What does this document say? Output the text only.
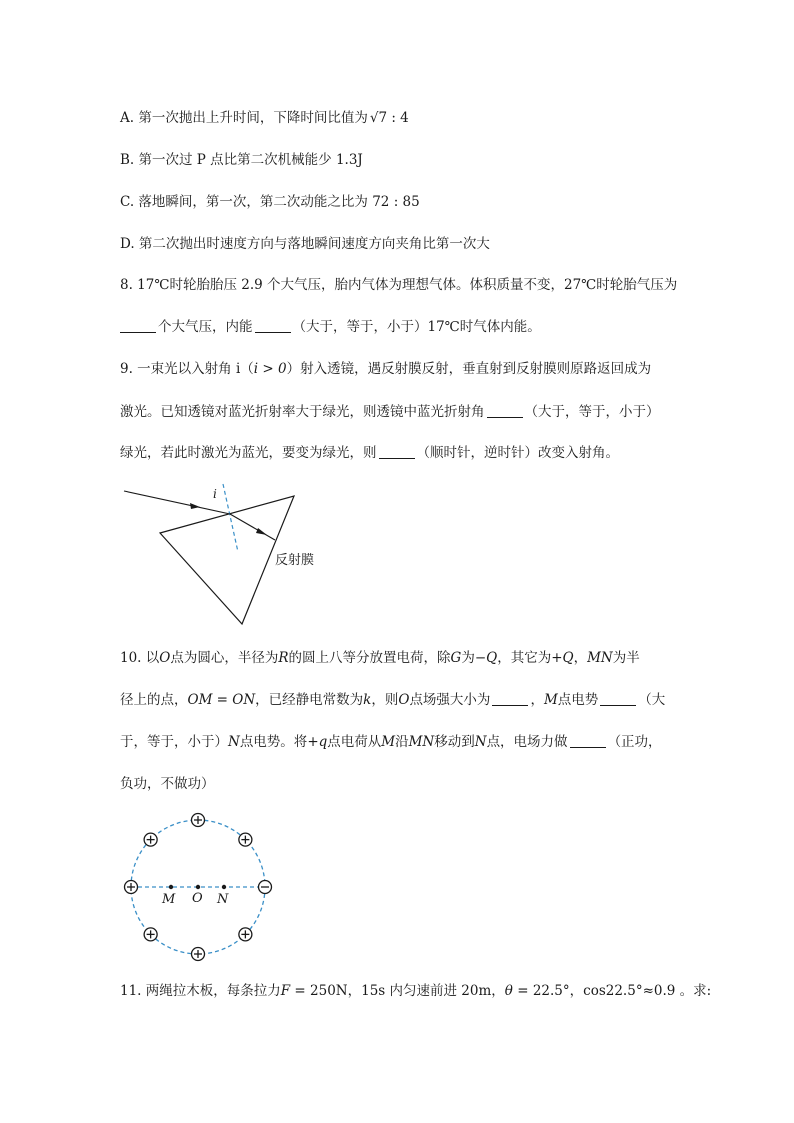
A. 第一次抛出上升时间，下降时间比值为 √7 : 4
B. 第一次过 P 点比第二次机械能少 1.3J
C. 落地瞬间，第一次，第二次动能之比为 72 : 85
D. 第二次抛出时速度方向与落地瞬间速度方向夹角比第一次大
8. 17℃时轮胎胎压 2.9 个大气压，胎内气体为理想气体。体积质量不变，27℃时轮胎气压为
个大气压，内能	（大于，等于，小于）17℃时气体内能。
9. 一束光以入射角 i（i > 0）射入透镜，遇反射膜反射，垂直射到反射膜则原路返回成为
激光。已知透镜对蓝光折射率大于绿光，则透镜中蓝光折射角	（大于，等于，小于）
绿光，若此时激光为蓝光，要变为绿光，则	（顺时针，逆时针）改变入射角。
i
反射膜
10. 以O点为圆心，半径为R的圆上八等分放置电荷，除G为−Q，其它为+Q，MN为半
径上的点，OM = ON，已经静电常数为k，则O点场强大小为	，M点电势	（大
于，等于，小于）N点电势。将+q点电荷从M沿MN移动到N点，电场力做	（正功，
负功，不做功）
M O N
11. 两绳拉木板，每条拉力F = 250N，15s 内匀速前进 20m，θ = 22.5°，cos22.5°≈0.9 。求:
